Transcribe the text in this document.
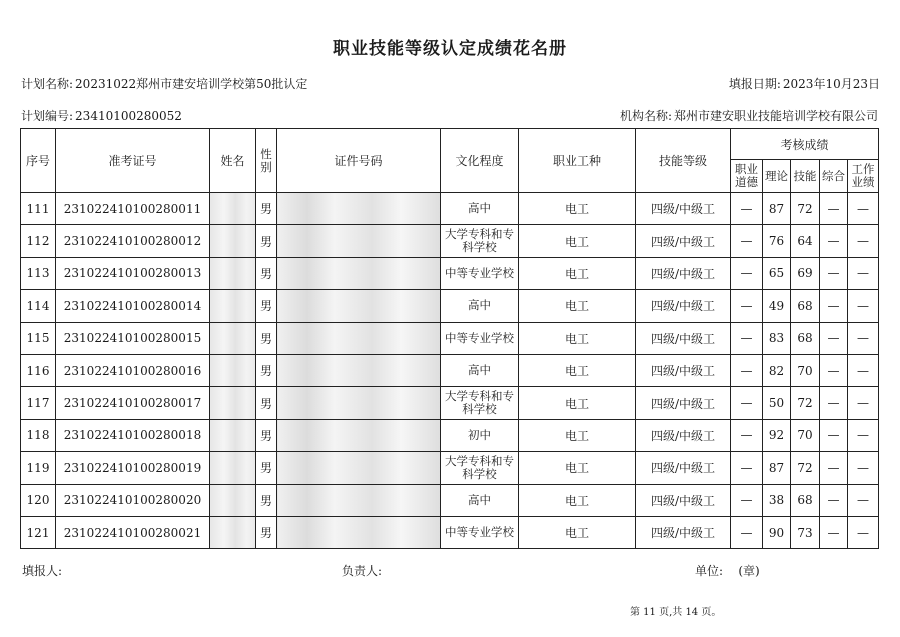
职业技能等级认定成绩花名册
计划名称: 20231022郑州市建安培训学校第50批认定	填报日期: 2023年10月23日
计划编号: 23410100280052	机构名称: 郑州市建安职业技能培训学校有限公司
序号	准考证号	姓名	性别	证件号码	文化程度	职业工种	技能等级	考核成绩				
								职业道德	理论	技能	综合	工作业绩
111	231022410100280011		男		高中	电工	四级/中级工	—	87	72	—	—
112	231022410100280012		男		大学专科和专科学校	电工	四级/中级工	—	76	64	—	—
113	231022410100280013		男		中等专业学校	电工	四级/中级工	—	65	69	—	—
114	231022410100280014		男		高中	电工	四级/中级工	—	49	68	—	—
115	231022410100280015		男		中等专业学校	电工	四级/中级工	—	83	68	—	—
116	231022410100280016		男		高中	电工	四级/中级工	—	82	70	—	—
117	231022410100280017		男		大学专科和专科学校	电工	四级/中级工	—	50	72	—	—
118	231022410100280018		男		初中	电工	四级/中级工	—	92	70	—	—
119	231022410100280019		男		大学专科和专科学校	电工	四级/中级工	—	87	72	—	—
120	231022410100280020		男		高中	电工	四级/中级工	—	38	68	—	—
121	231022410100280021		男		中等专业学校	电工	四级/中级工	—	90	73	—	—
填报人:	负责人:	单位: (章)
第 11 页,共 14 页。
